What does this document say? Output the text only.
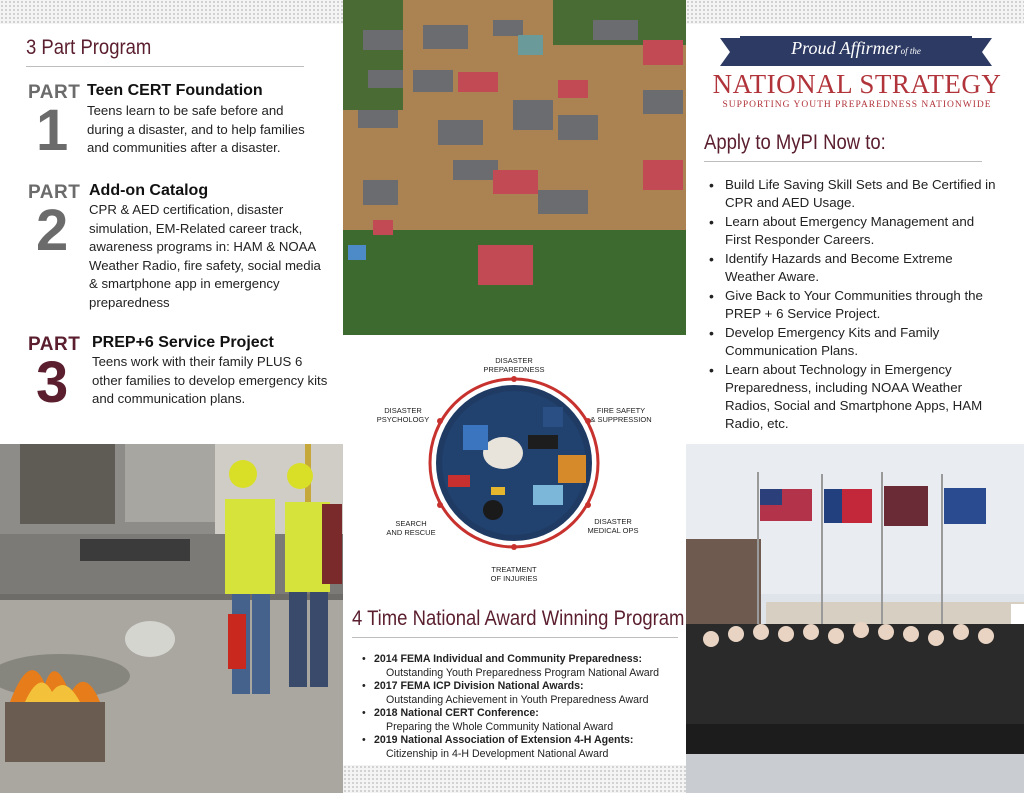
3 Part Program
PART
1
Teen CERT Foundation
Teens learn to be safe before and during a disaster, and to help families and communities after a disaster.
PART
2
Add-on Catalog
CPR & AED certification, disaster simulation, EM-Related career track, awareness programs in: HAM & NOAA Weather Radio, fire safety, social media & smartphone app in emergency preparedness
PART
3
PREP+6 Service Project
Teens work with their family PLUS 6 other families to develop emergency kits and communication plans.
DISASTER
PREPAREDNESS
FIRE SAFETY
& SUPPRESSION
DISASTER
MEDICAL OPS
TREATMENT
OF INJURIES
SEARCH
AND RESCUE
DISASTER
PSYCHOLOGY
4 Time National Award Winning Program
• 2014 FEMA Individual and Community Preparedness:
Outstanding Youth Preparedness Program National Award
• 2017 FEMA ICP Division National Awards:
Outstanding Achievement in Youth Preparedness Award
• 2018 National CERT Conference:
Preparing the Whole Community National Award
• 2019 National Association of Extension 4-H Agents:
Citizenship in 4-H Development National Award
Proud Affirmerof the
NATIONAL STRATEGY
SUPPORTING YOUTH PREPAREDNESS NATIONWIDE
Apply to MyPI Now to:
• Build Life Saving Skill Sets and Be Certified in CPR and AED Usage.
• Learn about Emergency Management and First Responder Careers.
• Identify Hazards and Become Extreme Weather Aware.
• Give Back to Your Communities through the PREP + 6 Service Project.
• Develop Emergency Kits and Family Communication Plans.
• Learn about Technology in Emergency Preparedness, including NOAA Weather Radios, Social and Smartphone Apps, HAM Radio, etc.
